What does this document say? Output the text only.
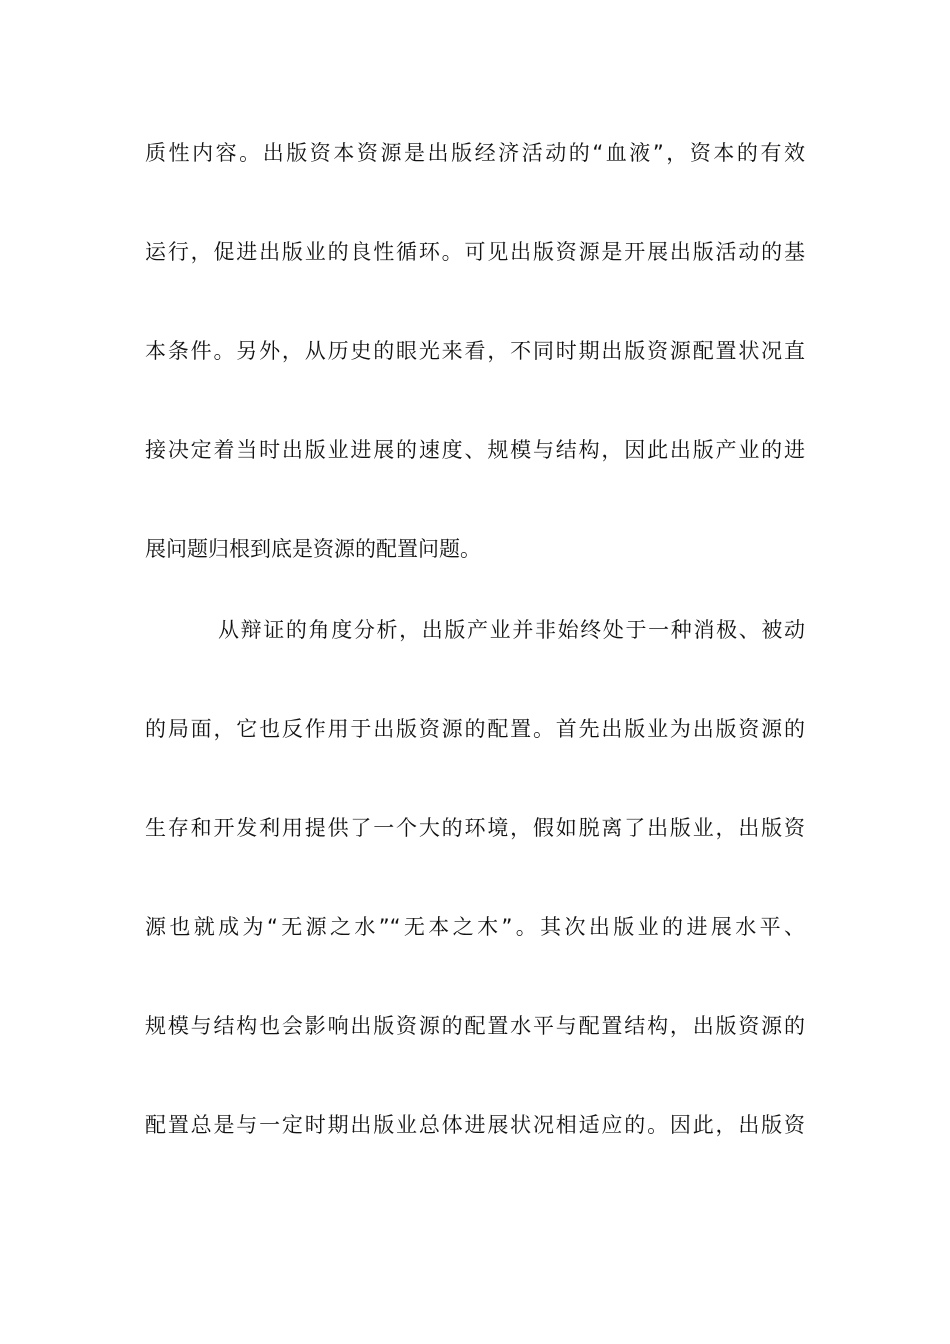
质性内容。出版资本资源是出版经济活动的“血液”，资本的有效
运行，促进出版业的良性循环。可见出版资源是开展出版活动的基
本条件。另外，从历史的眼光来看，不同时期出版资源配置状况直
接决定着当时出版业进展的速度、规模与结构，因此出版产业的进
展问题归根到底是资源的配置问题。
从辩证的角度分析，出版产业并非始终处于一种消极、被动
的局面，它也反作用于出版资源的配置。首先出版业为出版资源的
生存和开发利用提供了一个大的环境，假如脱离了出版业，出版资
源也就成为“无源之水”“无本之木”。其次出版业的进展水平、
规模与结构也会影响出版资源的配置水平与配置结构，出版资源的
配置总是与一定时期出版业总体进展状况相适应的。因此，出版资
